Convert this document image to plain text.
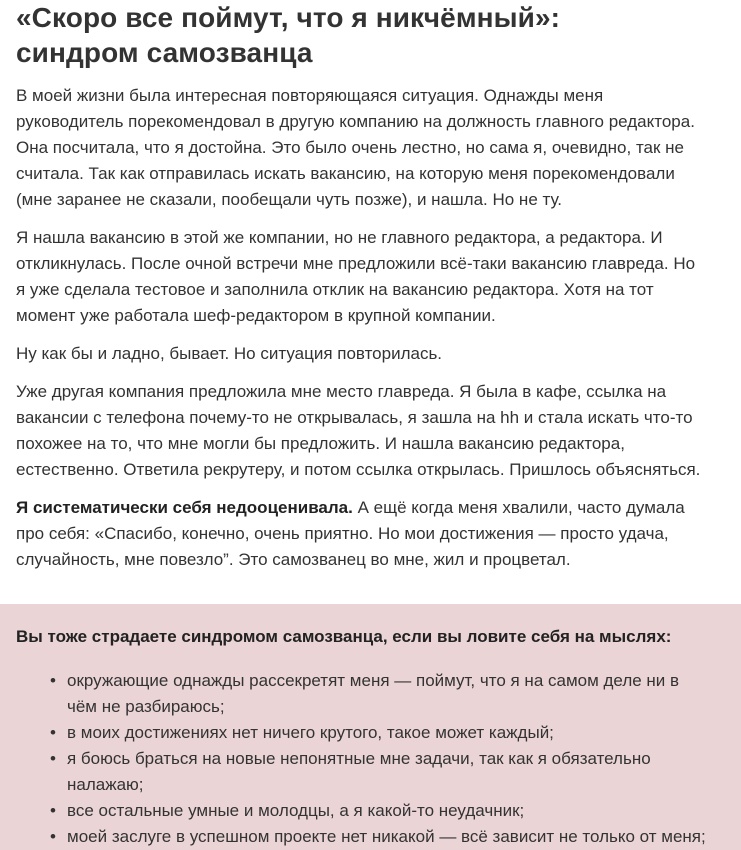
«Скоро все поймут, что я никчёмный»:
синдром самозванца

В моей жизни была интересная повторяющаяся ситуация. Однажды меня
руководитель порекомендовал в другую компанию на должность главного редактора.
Она посчитала, что я достойна. Это было очень лестно, но сама я, очевидно, так не
считала. Так как отправилась искать вакансию, на которую меня порекомендовали
(мне заранее не сказали, пообещали чуть позже), и нашла. Но не ту.

Я нашла вакансию в этой же компании, но не главного редактора, а редактора. И
откликнулась. После очной встречи мне предложили всё-таки вакансию главреда. Но
я уже сделала тестовое и заполнила отклик на вакансию редактора. Хотя на тот
момент уже работала шеф-редактором в крупной компании.

Ну как бы и ладно, бывает. Но ситуация повторилась.

Уже другая компания предложила мне место главреда. Я была в кафе, ссылка на
вакансии с телефона почему-то не открывалась, я зашла на hh и стала искать что-то
похожее на то, что мне могли бы предложить. И нашла вакансию редактора,
естественно. Ответила рекрутеру, и потом ссылка открылась. Пришлось объясняться.

Я систематически себя недооценивала. А ещё когда меня хвалили, часто думала
про себя: «Спасибо, конечно, очень приятно. Но мои достижения — просто удача,
случайность, мне повезло”. Это самозванец во мне, жил и процветал.

Вы тоже страдаете синдромом самозванца, если вы ловите себя на мыслях:

• окружающие однажды рассекретят меня — поймут, что я на самом деле ни в
чём не разбираюсь;
• в моих достижениях нет ничего крутого, такое может каждый;
• я боюсь браться на новые непонятные мне задачи, так как я обязательно
налажаю;
• все остальные умные и молодцы, а я какой-то неудачник;
• моей заслуге в успешном проекте нет никакой — всё зависит не только от меня;
